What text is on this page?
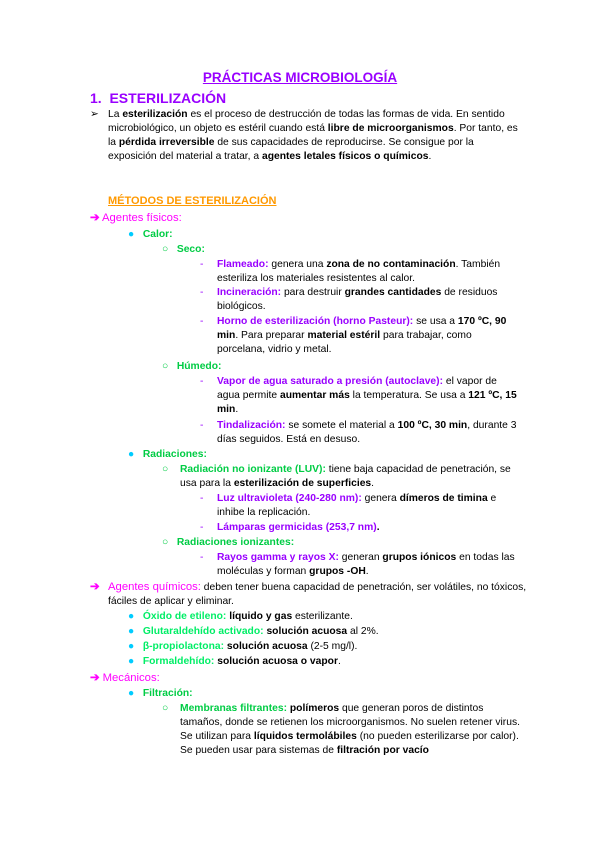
PRÁCTICAS MICROBIOLOGÍA
1. ESTERILIZACIÓN
➢ La esterilización es el proceso de destrucción de todas las formas de vida. En sentido microbiológico, un objeto es estéril cuando está libre de microorganismos. Por tanto, es la pérdida irreversible de sus capacidades de reproducirse. Se consigue por la exposición del material a tratar, a agentes letales físicos o químicos.
MÉTODOS DE ESTERILIZACIÓN
➔ Agentes físicos:
● Calor:
○ Seco:
- Flameado: genera una zona de no contaminación. También esteriliza los materiales resistentes al calor.
- Incineración: para destruir grandes cantidades de residuos biológicos.
- Horno de esterilización (horno Pasteur): se usa a 170 ºC, 90 min. Para preparar material estéril para trabajar, como porcelana, vidrio y metal.
○ Húmedo:
- Vapor de agua saturado a presión (autoclave): el vapor de agua permite aumentar más la temperatura. Se usa a 121 ºC, 15 min.
- Tindalización: se somete el material a 100 ºC, 30 min, durante 3 días seguidos. Está en desuso.
● Radiaciones:
○ Radiación no ionizante (LUV): tiene baja capacidad de penetración, se usa para la esterilización de superficies.
- Luz ultravioleta (240-280 nm): genera dímeros de timina e inhibe la replicación.
- Lámparas germicidas (253,7 nm).
○ Radiaciones ionizantes:
- Rayos gamma y rayos X: generan grupos iónicos en todas las moléculas y forman grupos -OH.
➔ Agentes químicos: deben tener buena capacidad de penetración, ser volátiles, no tóxicos, fáciles de aplicar y eliminar.
● Óxido de etileno: líquido y gas esterilizante.
● Glutaraldehído activado: solución acuosa al 2%.
● β-propiolactona: solución acuosa (2-5 mg/l).
● Formaldehído: solución acuosa o vapor.
➔ Mecánicos:
● Filtración:
○ Membranas filtrantes: polímeros que generan poros de distintos tamaños, donde se retienen los microorganismos. No suelen retener virus. Se utilizan para líquidos termolábiles (no pueden esterilizarse por calor). Se pueden usar para sistemas de filtración por vacío
